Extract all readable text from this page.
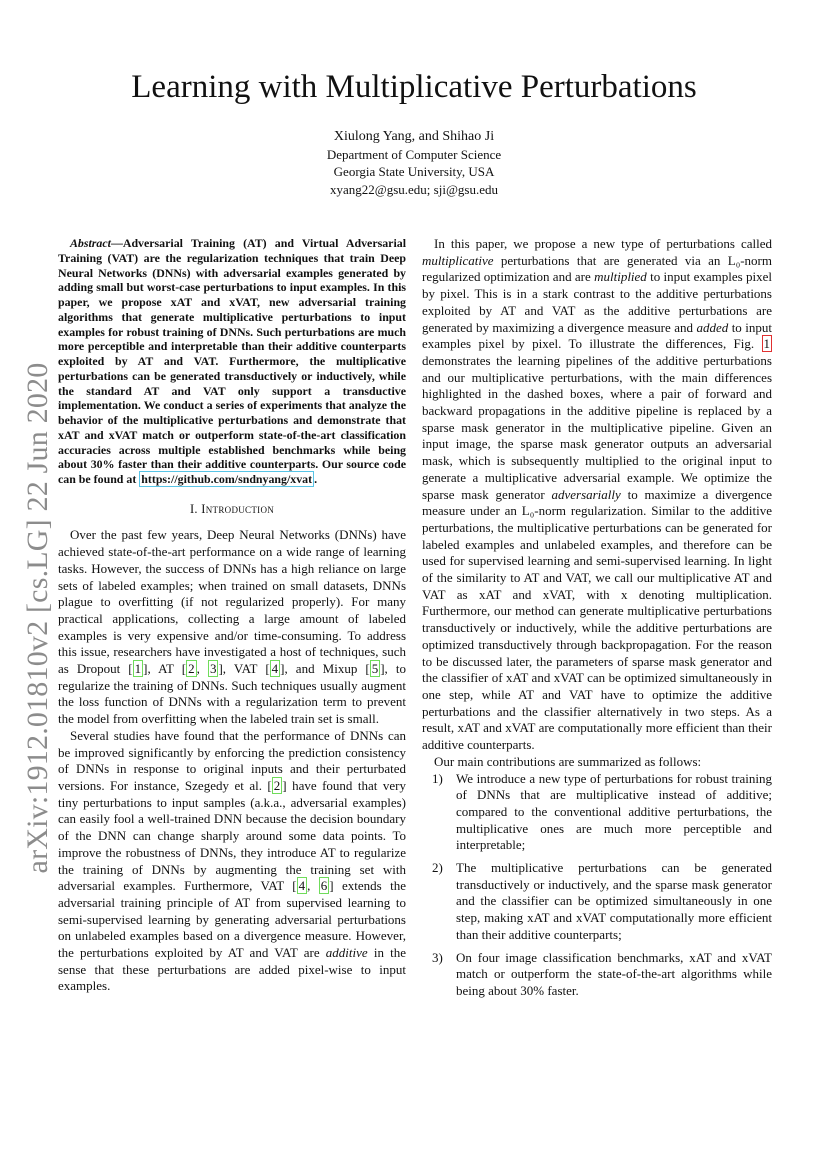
arXiv:1912.01810v2 [cs.LG] 22 Jun 2020
Learning with Multiplicative Perturbations
Xiulong Yang, and Shihao Ji
Department of Computer Science
Georgia State University, USA
xyang22@gsu.edu; sji@gsu.edu

Abstract—Adversarial Training (AT) and Virtual Adversarial Training (VAT) are the regularization techniques that train Deep Neural Networks (DNNs) with adversarial examples generated by adding small but worst-case perturbations to input examples. In this paper, we propose xAT and xVAT, new adversarial training algorithms that generate multiplicative perturbations to input examples for robust training of DNNs. Such perturbations are much more perceptible and interpretable than their additive counterparts exploited by AT and VAT. Furthermore, the multiplicative perturbations can be generated transductively or inductively, while the standard AT and VAT only support a transductive implementation. We conduct a series of experiments that analyze the behavior of the multiplicative perturbations and demonstrate that xAT and xVAT match or outperform state-of-the-art classification accuracies across multiple established benchmarks while being about 30% faster than their additive counterparts. Our source code can be found at https://github.com/sndnyang/xvat .

I. Introduction

Over the past few years, Deep Neural Networks (DNNs) have achieved state-of-the-art performance on a wide range of learning tasks. However, the success of DNNs has a high reliance on large sets of labeled examples; when trained on small datasets, DNNs plague to overfitting (if not regularized properly). For many practical applications, collecting a large amount of labeled examples is very expensive and/or time-consuming. To address this issue, researchers have investigated a host of techniques, such as Dropout [ 1 ], AT [ 2 , 3 ], VAT [ 4 ], and Mixup [ 5 ], to regularize the training of DNNs. Such techniques usually augment the loss function of DNNs with a regularization term to prevent the model from overfitting when the labeled train set is small.

Several studies have found that the performance of DNNs can be improved significantly by enforcing the prediction consistency of DNNs in response to original inputs and their perturbated versions. For instance, Szegedy et al. [ 2 ] have found that very tiny perturbations to input samples (a.k.a., adversarial examples) can easily fool a well-trained DNN because the decision boundary of the DNN can change sharply around some data points. To improve the robustness of DNNs, they introduce AT to regularize the training of DNNs by augmenting the training set with adversarial examples. Furthermore, VAT [ 4 , 6 ] extends the adversarial training principle of AT from supervised learning to semi-supervised learning by generating adversarial perturbations on unlabeled examples based on a divergence measure. However, the perturbations exploited by AT and VAT are additive in the sense that these perturbations are added pixel-wise to input examples.

In this paper, we propose a new type of perturbations called multiplicative perturbations that are generated via an L₀-norm regularized optimization and are multiplied to input examples pixel by pixel. This is in a stark contrast to the additive perturbations exploited by AT and VAT as the additive perturbations are generated by maximizing a divergence measure and added to input examples pixel by pixel. To illustrate the differences, Fig. 1 demonstrates the learning pipelines of the additive perturbations and our multiplicative perturbations, with the main differences highlighted in the dashed boxes, where a pair of forward and backward propagations in the additive pipeline is replaced by a sparse mask generator in the multiplicative pipeline. Given an input image, the sparse mask generator outputs an adversarial mask, which is subsequently multiplied to the original input to generate a multiplicative adversarial example. We optimize the sparse mask generator adversarially to maximize a divergence measure under an L₀-norm regularization. Similar to the additive perturbations, the multiplicative perturbations can be generated for labeled examples and unlabeled examples, and therefore can be used for supervised learning and semi-supervised learning. In light of the similarity to AT and VAT, we call our multiplicative AT and VAT as xAT and xVAT, with x denoting multiplication. Furthermore, our method can generate multiplicative perturbations transductively or inductively, while the additive perturbations are optimized transductively through backpropagation. For the reason to be discussed later, the parameters of sparse mask generator and the classifier of xAT and xVAT can be optimized simultaneously in one step, while AT and VAT have to optimize the additive perturbations and the classifier alternatively in two steps. As a result, xAT and xVAT are computationally more efficient than their additive counterparts.

Our main contributions are summarized as follows:

1. 1) We introduce a new type of perturbations for robust training of DNNs that are multiplicative instead of additive; compared to the conventional additive perturbations, the multiplicative ones are much more perceptible and interpretable;
2. 2) The multiplicative perturbations can be generated transductively or inductively, and the sparse mask generator and the classifier can be optimized simultaneously in one step, making xAT and xVAT computationally more efficient than their additive counterparts;
3. 3) On four image classification benchmarks, xAT and xVAT match or outperform the state-of-the-art algorithms while being about 30% faster.
